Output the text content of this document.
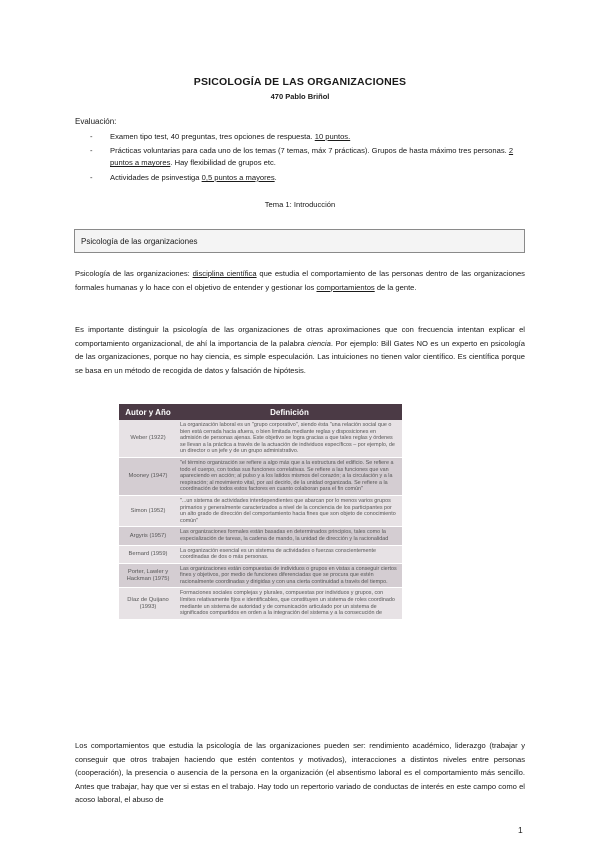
PSICOLOGÍA DE LAS ORGANIZACIONES
470 Pablo Briñol
Evaluación:
- Examen tipo test, 40 preguntas, tres opciones de respuesta. 10 puntos.
- Prácticas voluntarias para cada uno de los temas (7 temas, máx 7 prácticas). Grupos de hasta máximo tres personas. 2 puntos a mayores. Hay flexibilidad de grupos etc.
- Actividades de psinvestiga 0,5 puntos a mayores.
Tema 1: Introducción
Psicología de las organizaciones

Psicología de las organizaciones: disciplina científica que estudia el comportamiento de las personas dentro de las organizaciones formales humanas y lo hace con el objetivo de entender y gestionar los comportamientos de la gente.

Es importante distinguir la psicología de las organizaciones de otras aproximaciones que con frecuencia intentan explicar el comportamiento organizacional, de ahí la importancia de la palabra ciencia. Por ejemplo: Bill Gates NO es un experto en psicología de las organizaciones, porque no hay ciencia, es simple especulación. Las intuiciones no tienen valor científico. Es científica porque se basa en un método de recogida de datos y falsación de hipótesis.

Autor y Año	Definición
Weber (1922)	La organización laboral es un "grupo corporativo", siendo ésta "una relación social que o bien está cerrada hacia afuera, o bien limitada mediante reglas y disposiciones en admisión de personas ajenas. Este objetivo se logra gracias a que tales reglas y órdenes se llevan a la práctica a través de la actuación de individuos específicos – por ejemplo, de un director o un jefe y de un grupo administrativo.
Mooney (1947)	"el término organización se refiere a algo más que a la estructura del edificio. Se refiere a todo el cuerpo, con todas sus funciones correlativas. Se refiere a las funciones que van apareciendo en acción; al pulso y a los latidos mismos del corazón; a la circulación y a la respiración; al movimiento vital, por así decirlo, de la unidad organizada. Se refiere a la coordinación de todos estos factores en cuanto colaboran para el fin común"
Simon (1952)	"...un sistema de actividades interdependientes que abarcan por lo menos varios grupos primarios y generalmente caracterizados a nivel de la conciencia de los participantes por un alto grado de dirección del comportamiento hacia fines que son objeto de conocimiento común"
Argyris (1957)	Las organizaciones formales están basadas en determinados principios, tales como la especialización de tareas, la cadena de mando, la unidad de dirección y la racionalidad
Bernard (1959)	La organización esencial es un sistema de actividades o fuerzas conscientemente coordinadas de dos o más personas.
Porter, Lawler y Hackman (1975)	Las organizaciones están compuestas de individuos o grupos en vistas a conseguir ciertos fines y objetivos, por medio de funciones diferenciadas que se procura que estén racionalmente coordinadas y dirigidas y con una cierta continuidad a través del tiempo.
Díaz de Quijano (1993)	Formaciones sociales complejas y plurales, compuestas por individuos y grupos, con límites relativamente fijos e identificables, que constituyen un sistema de roles coordinado mediante un sistema de autoridad y de comunicación articulado por un sistema de significados compartidos en orden a la integración del sistema y a la consecución de

Los comportamientos que estudia la psicología de las organizaciones pueden ser: rendimiento académico, liderazgo (trabajar y conseguir que otros trabajen haciendo que estén contentos y motivados), interacciones a distintos niveles entre personas (cooperación), la presencia o ausencia de la persona en la organización (el absentismo laboral es el comportamiento más sencillo. Antes que trabajar, hay que ver si estas en el trabajo. Hay todo un repertorio variado de conductas de interés en este campo como el acoso laboral, el abuso de

1
